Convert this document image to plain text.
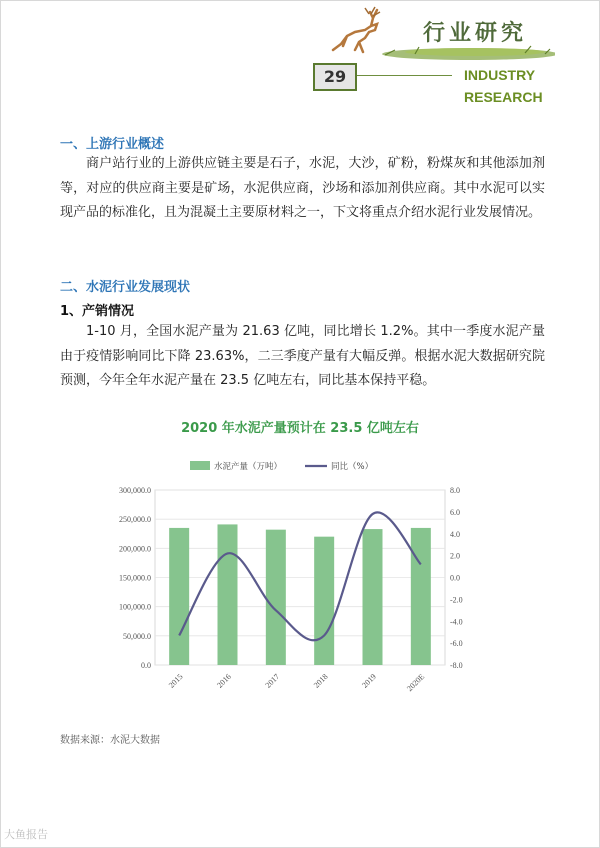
行业研究
29	INDUSTRY
RESEARCH
一、上游行业概述
商户站行业的上游供应链主要是石子，水泥，大沙，矿粉，粉煤灰和其他添加剂等，对应的供应商主要是矿场，水泥供应商，沙场和添加剂供应商。其中水泥可以实现产品的标准化，且为混凝土主要原材料之一，下文将重点介绍水泥行业发展情况。
二、水泥行业发展现状
1、产销情况
1-10 月，全国水泥产量为 21.63 亿吨，同比增长 1.2%。其中一季度水泥产量由于疫情影响同比下降 23.63%，二三季度产量有大幅反弹。根据水泥大数据研究院预测，今年全年水泥产量在 23.5 亿吨左右，同比基本保持平稳。
2020 年水泥产量预计在 23.5 亿吨左右
0.0
50,000.0
100,000.0
150,000.0
200,000.0
250,000.0
300,000.0
-8.0
-6.0
-4.0
-2.0
0.0
2.0
4.0
6.0
8.0
2015	2016	2017	2018	2019	2020E
水泥产量（万吨）	同比（%）
数据来源：水泥大数据
大鱼报告
